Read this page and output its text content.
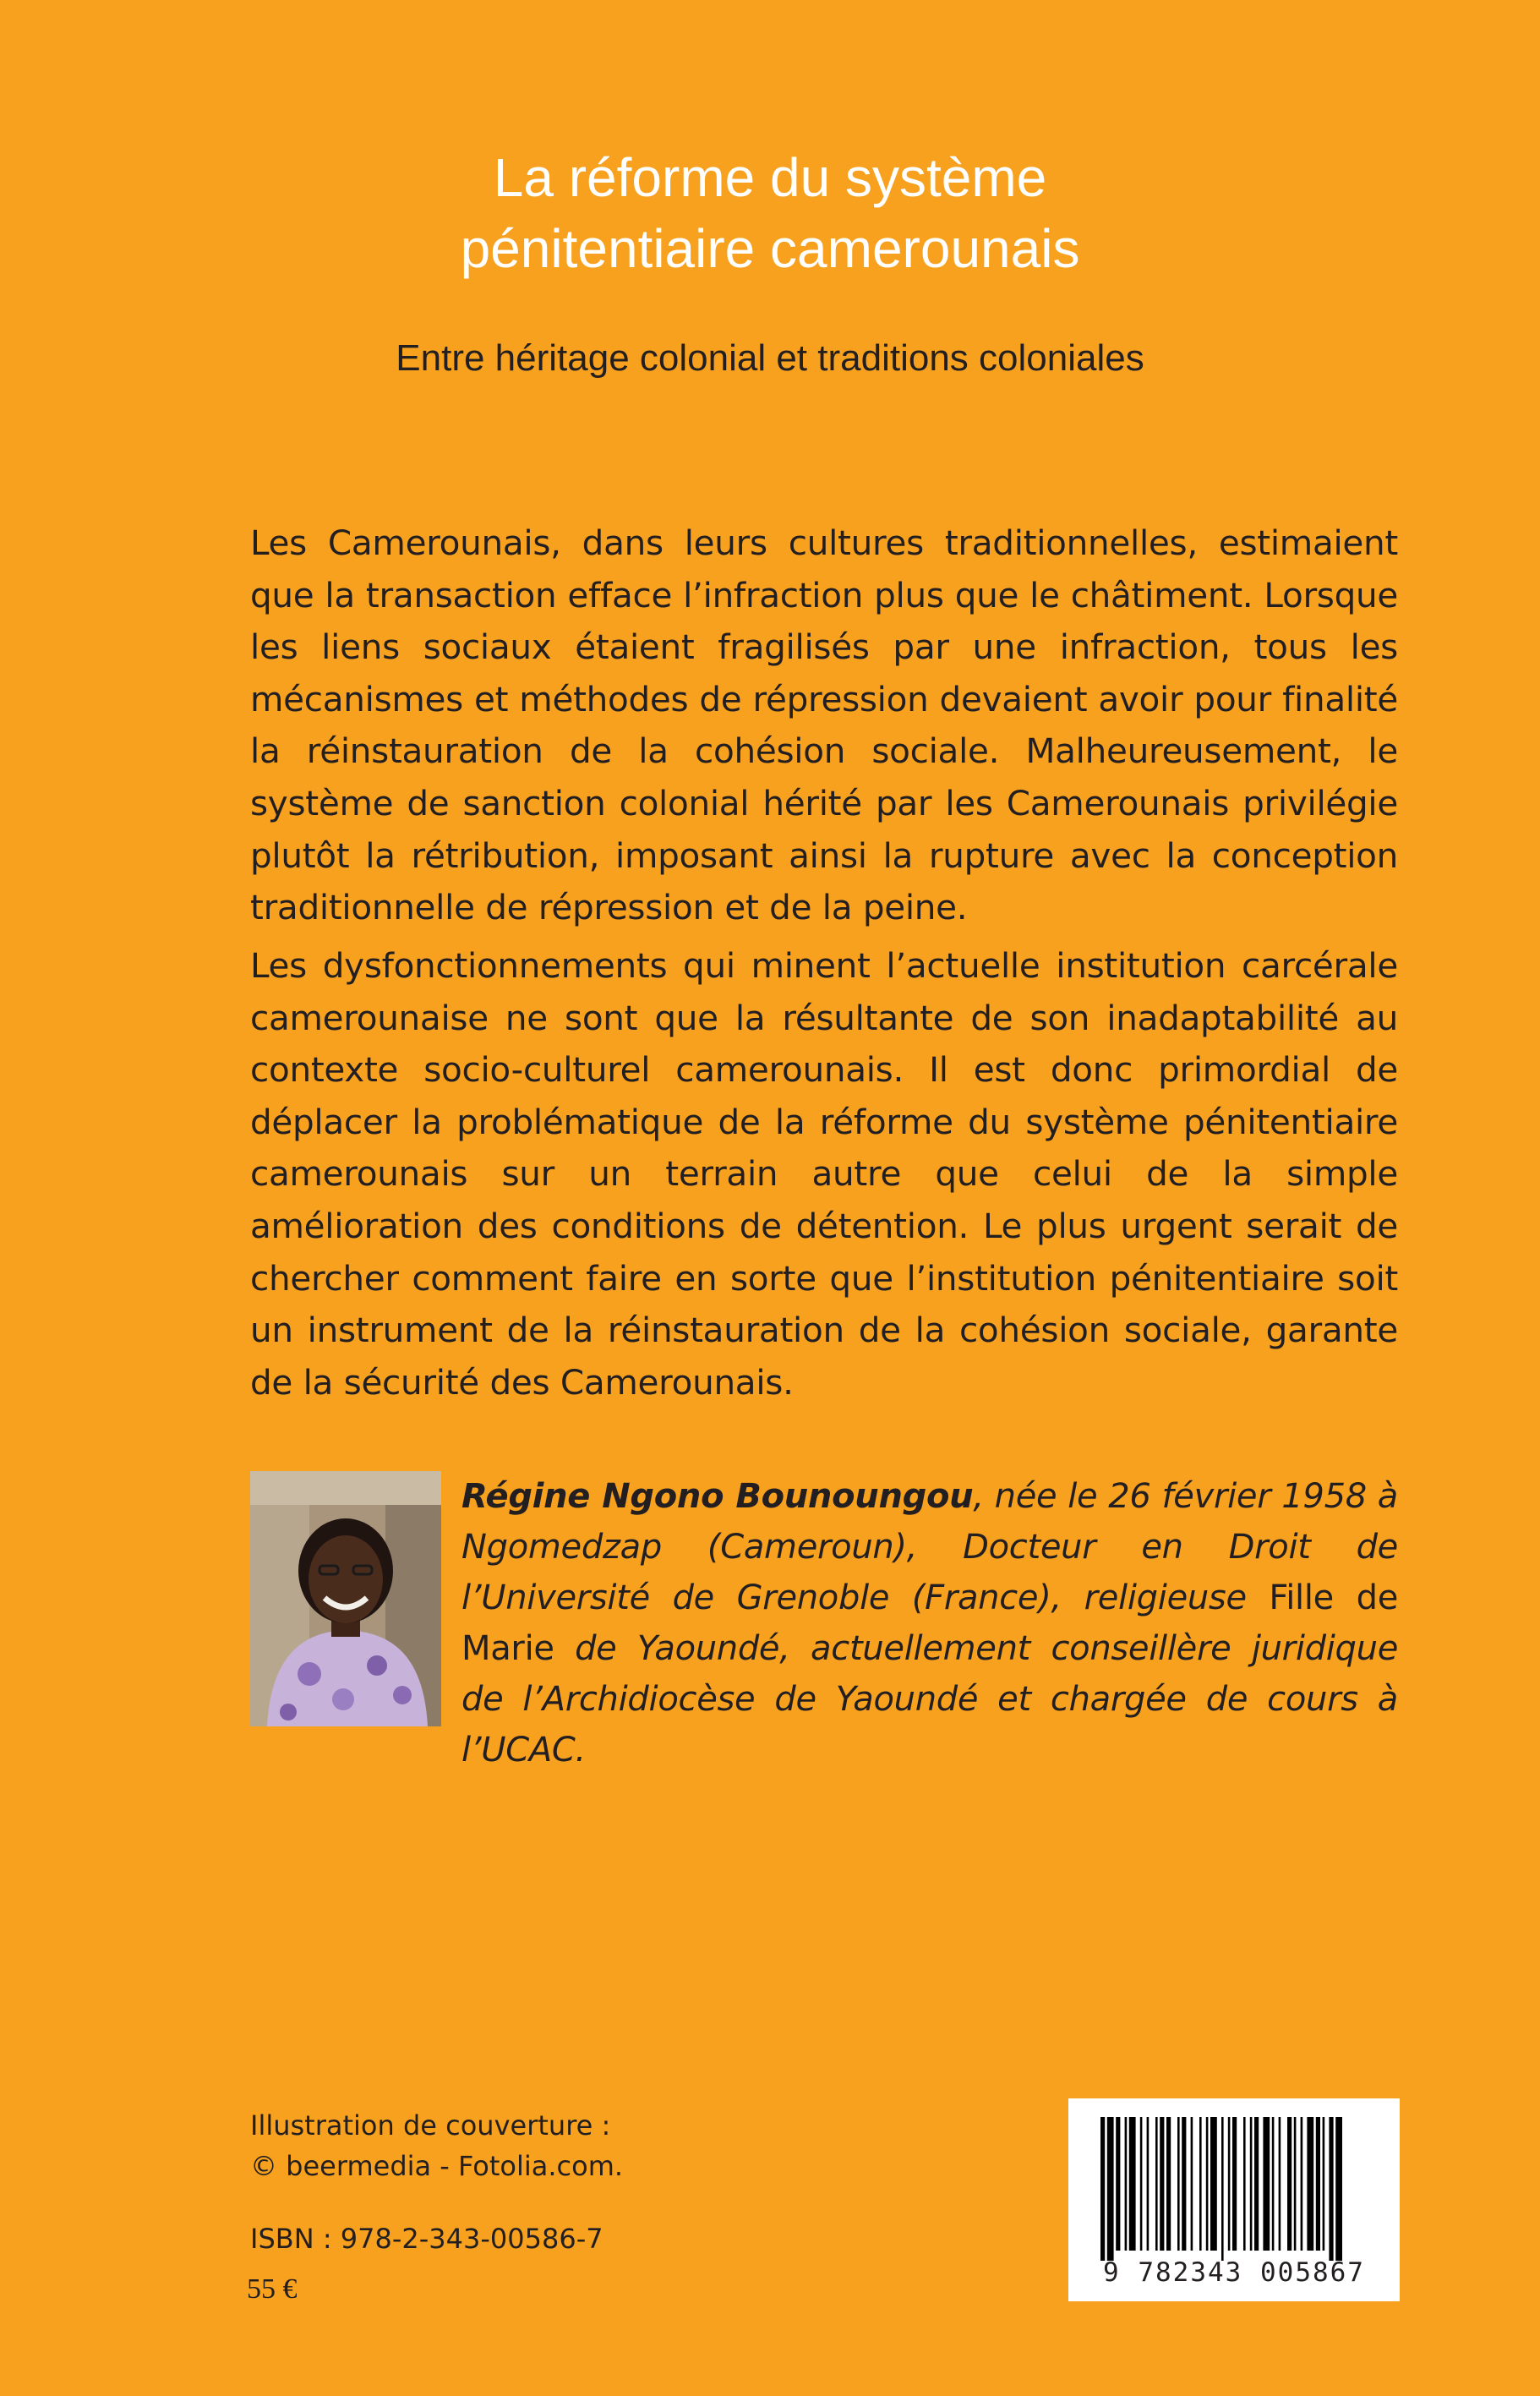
La réforme du système
pénitentiaire camerounais
Entre héritage colonial et traditions coloniales
Les Camerounais, dans leurs cultures traditionnelles, estimaient que la transaction efface l’infraction plus que le châtiment. Lorsque les liens sociaux étaient fragilisés par une infraction, tous les mécanismes et méthodes de répression devaient avoir pour finalité la réinstauration de la cohésion sociale. Malheureusement, le système de sanction colonial hérité par les Camerounais privilégie plutôt la rétribution, imposant ainsi la rupture avec la conception traditionnelle de répression et de la peine.
Les dysfonctionnements qui minent l’actuelle institution carcérale camerounaise ne sont que la résultante de son inadaptabilité au contexte socio-culturel camerounais. Il est donc primordial de déplacer la problématique de la réforme du système pénitentiaire camerounais sur un terrain autre que celui de la simple amélioration des conditions de détention. Le plus urgent serait de chercher comment faire en sorte que l’institution pénitentiaire soit un instrument de la réinstauration de la cohésion sociale, garante de la sécurité des Camerounais.
Régine Ngono Bounoungou, née le 26 février 1958 à Ngomedzap (Cameroun), Docteur en Droit de l’Université de Grenoble (France), religieuse Fille de Marie de Yaoundé, actuellement conseillère juridique de l’Archidiocèse de Yaoundé et chargée de cours à l’UCAC.
Illustration de couverture :
© beermedia - Fotolia.com.
ISBN : 978-2-343-00586-7
55 €
9 782343 005867
